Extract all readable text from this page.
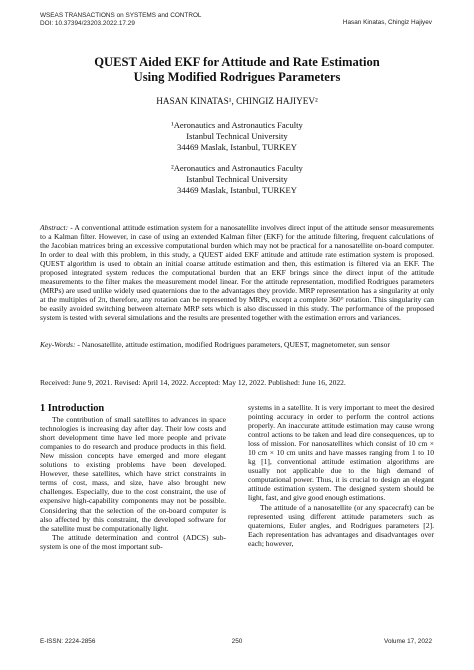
WSEAS TRANSACTIONS on SYSTEMS and CONTROL
DOI: 10.37394/23203.2022.17.29	Hasan Kinatas, Chingiz Hajiyev
QUEST Aided EKF for Attitude and Rate Estimation
Using Modified Rodrigues Parameters
HASAN KINATAS¹, CHINGIZ HAJIYEV²
¹Aeronautics and Astronautics Faculty
Istanbul Technical University
34469 Maslak, Istanbul, TURKEY
²Aeronautics and Astronautics Faculty
Istanbul Technical University
34469 Maslak, Istanbul, TURKEY
Abstract: - A conventional attitude estimation system for a nanosatellite involves direct input of the attitude sensor measurements to a Kalman filter. However, in case of using an extended Kalman filter (EKF) for the attitude filtering, frequent calculations of the Jacobian matrices bring an excessive computational burden which may not be practical for a nanosatellite on-board computer. In order to deal with this problem, in this study, a QUEST aided EKF attitude and attitude rate estimation system is proposed. QUEST algorithm is used to obtain an initial coarse attitude estimation and then, this estimation is filtered via an EKF. The proposed integrated system reduces the computational burden that an EKF brings since the direct input of the attitude measurements to the filter makes the measurement model linear. For the attitude representation, modified Rodrigues parameters (MRPs) are used unlike widely used quaternions due to the advantages they provide. MRP representation has a singularity at only at the multiples of 2π, therefore, any rotation can be represented by MRPs, except a complete 360° rotation. This singularity can be easily avoided switching between alternate MRP sets which is also discussed in this study. The performance of the proposed system is tested with several simulations and the results are presented together with the estimation errors and variances.
Key-Words: - Nanosatellite, attitude estimation, modified Rodrigues parameters, QUEST, magnetometer, sun sensor
Received: June 9, 2021. Revised: April 14, 2022. Accepted: May 12, 2022. Published: June 16, 2022.
1 Introduction

The contribution of small satellites to advances in space technologies is increasing day after day. Their low costs and short development time have led more people and private companies to do research and produce products in this field. New mission concepts have emerged and more elegant solutions to existing problems have been developed. However, these satellites, which have strict constraints in terms of cost, mass, and size, have also brought new challenges. Especially, due to the cost constraint, the use of expensive high-capability components may not be possible. Considering that the selection of the on-board computer is also affected by this constraint, the developed software for the satellite must be computationally light.

The attitude determination and control (ADCS) sub-system is one of the most important sub-

systems in a satellite. It is very important to meet the desired pointing accuracy in order to perform the control actions properly. An inaccurate attitude estimation may cause wrong control actions to be taken and lead dire consequences, up to loss of mission. For nanosatellites which consist of 10 cm × 10 cm × 10 cm units and have masses ranging from 1 to 10 kg [1], conventional attitude estimation algorithms are usually not applicable due to the high demand of computational power. Thus, it is crucial to design an elegant attitude estimation system. The designed system should be light, fast, and give good enough estimations.

The attitude of a nanosatellite (or any spacecraft) can be represented using different attitude parameters such as quaternions, Euler angles, and Rodrigues parameters [2]. Each representation has advantages and disadvantages over each; however,

E-ISSN: 2224-2856	250	Volume 17, 2022
